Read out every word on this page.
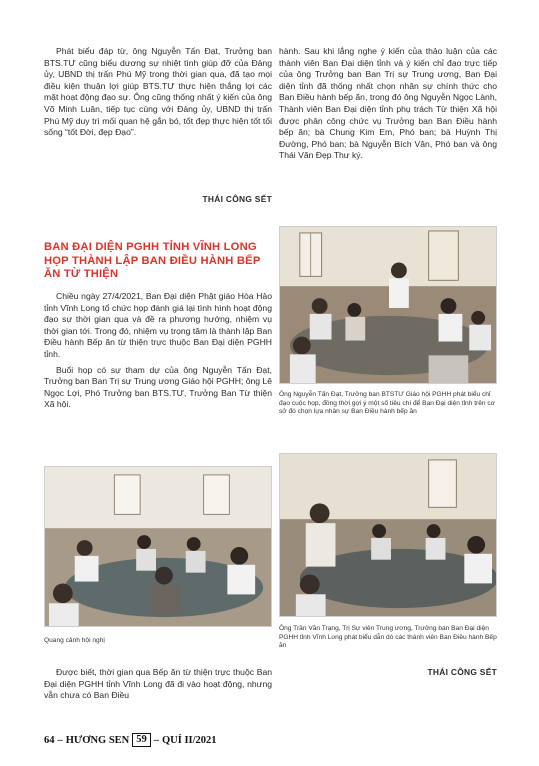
Phát biểu đáp từ, ông Nguyễn Tấn Đạt, Trưởng ban BTS.TƯ cũng biểu dương sự nhiệt tình giúp đỡ của Đảng ủy, UBND thị trấn Phú Mỹ trong thời gian qua, đã tạo mọi điều kiện thuận lợi giúp BTS.TƯ thực hiện thắng lợi các mặt hoạt động đạo sự. Ông cũng thống nhất ý kiến của ông Võ Minh Luân, tiếp tục cùng với Đảng ủy, UBND thị trấn Phú Mỹ duy trì mối quan hệ gắn bó, tốt đẹp thực hiện tốt tối sống “tốt Đời, đẹp Đạo”.

THÁI CÔNG SẾT

hành. Sau khi lắng nghe ý kiến của thảo luận của các thành viên Ban Đại diện tỉnh và ý kiến chỉ đạo trực tiếp của ông Trưởng ban Ban Trị sự Trung ương, Ban Đại diện tỉnh đã thống nhất chọn nhân sự chính thức cho Ban Điều hành bếp ăn, trong đó ông Nguyễn Ngọc Lành, Thành viên Ban Đại diện tỉnh phụ trách Từ thiện Xã hội được phân công chức vụ Trưởng ban Ban Điều hành bếp ăn; bà Chung Kim Em, Phó ban; bà Huỳnh Thị Đường, Phó ban; bà Nguyễn Bích Vân, Phó ban và ông Thái Văn Đẹp Thư ký.

BAN ĐẠI DIỆN PGHH TỈNH VĨNH LONG HỌP THÀNH LẬP BAN ĐIỀU HÀNH BẾP ĂN TỪ THIỆN

Chiều ngày 27/4/2021, Ban Đại diện Phật giáo Hòa Hảo tỉnh Vĩnh Long tổ chức họp đánh giá lại tình hình hoạt động đạo sự thời gian qua và đề ra phương hướng, nhiệm vụ thời gian tới. Trong đó, nhiệm vụ trọng tâm là thành lập Ban Điều hành Bếp ăn từ thiện trực thuộc Ban Đại diện PGHH tỉnh.

Buổi họp có sự tham dự của ông Nguyễn Tấn Đạt, Trưởng ban Ban Trị sự Trung ương Giáo hội PGHH; ông Lê Ngọc Lợi, Phó Trưởng ban BTS.TƯ, Trưởng Ban Từ thiện Xã hội.

Ông Nguyễn Tấn Đạt, Trưởng ban BTSTƯ Giáo hội PGHH phát biểu chỉ đạo cuộc họp, đồng thời gợi ý một số tiêu chí để Ban Đại diện tỉnh trên cơ sở đó chọn lựa nhân sự Ban Điều hành bếp ăn
Quang cảnh hội nghị
Ông Trần Văn Trạng, Trị Sự viên Trung ương, Trưởng ban Ban Đại diện PGHH tỉnh Vĩnh Long phát biểu dẫn dò các thành viên Ban Điều hành Bếp ăn
THÁI CÔNG SẾT

Được biết, thời gian qua Bếp ăn từ thiện trực thuộc Ban Đại diện PGHH tỉnh Vĩnh Long đã đi vào hoạt động, nhưng vẫn chưa có Ban Điều

64 – HƯƠNG SEN 59 – QUÍ II/2021
